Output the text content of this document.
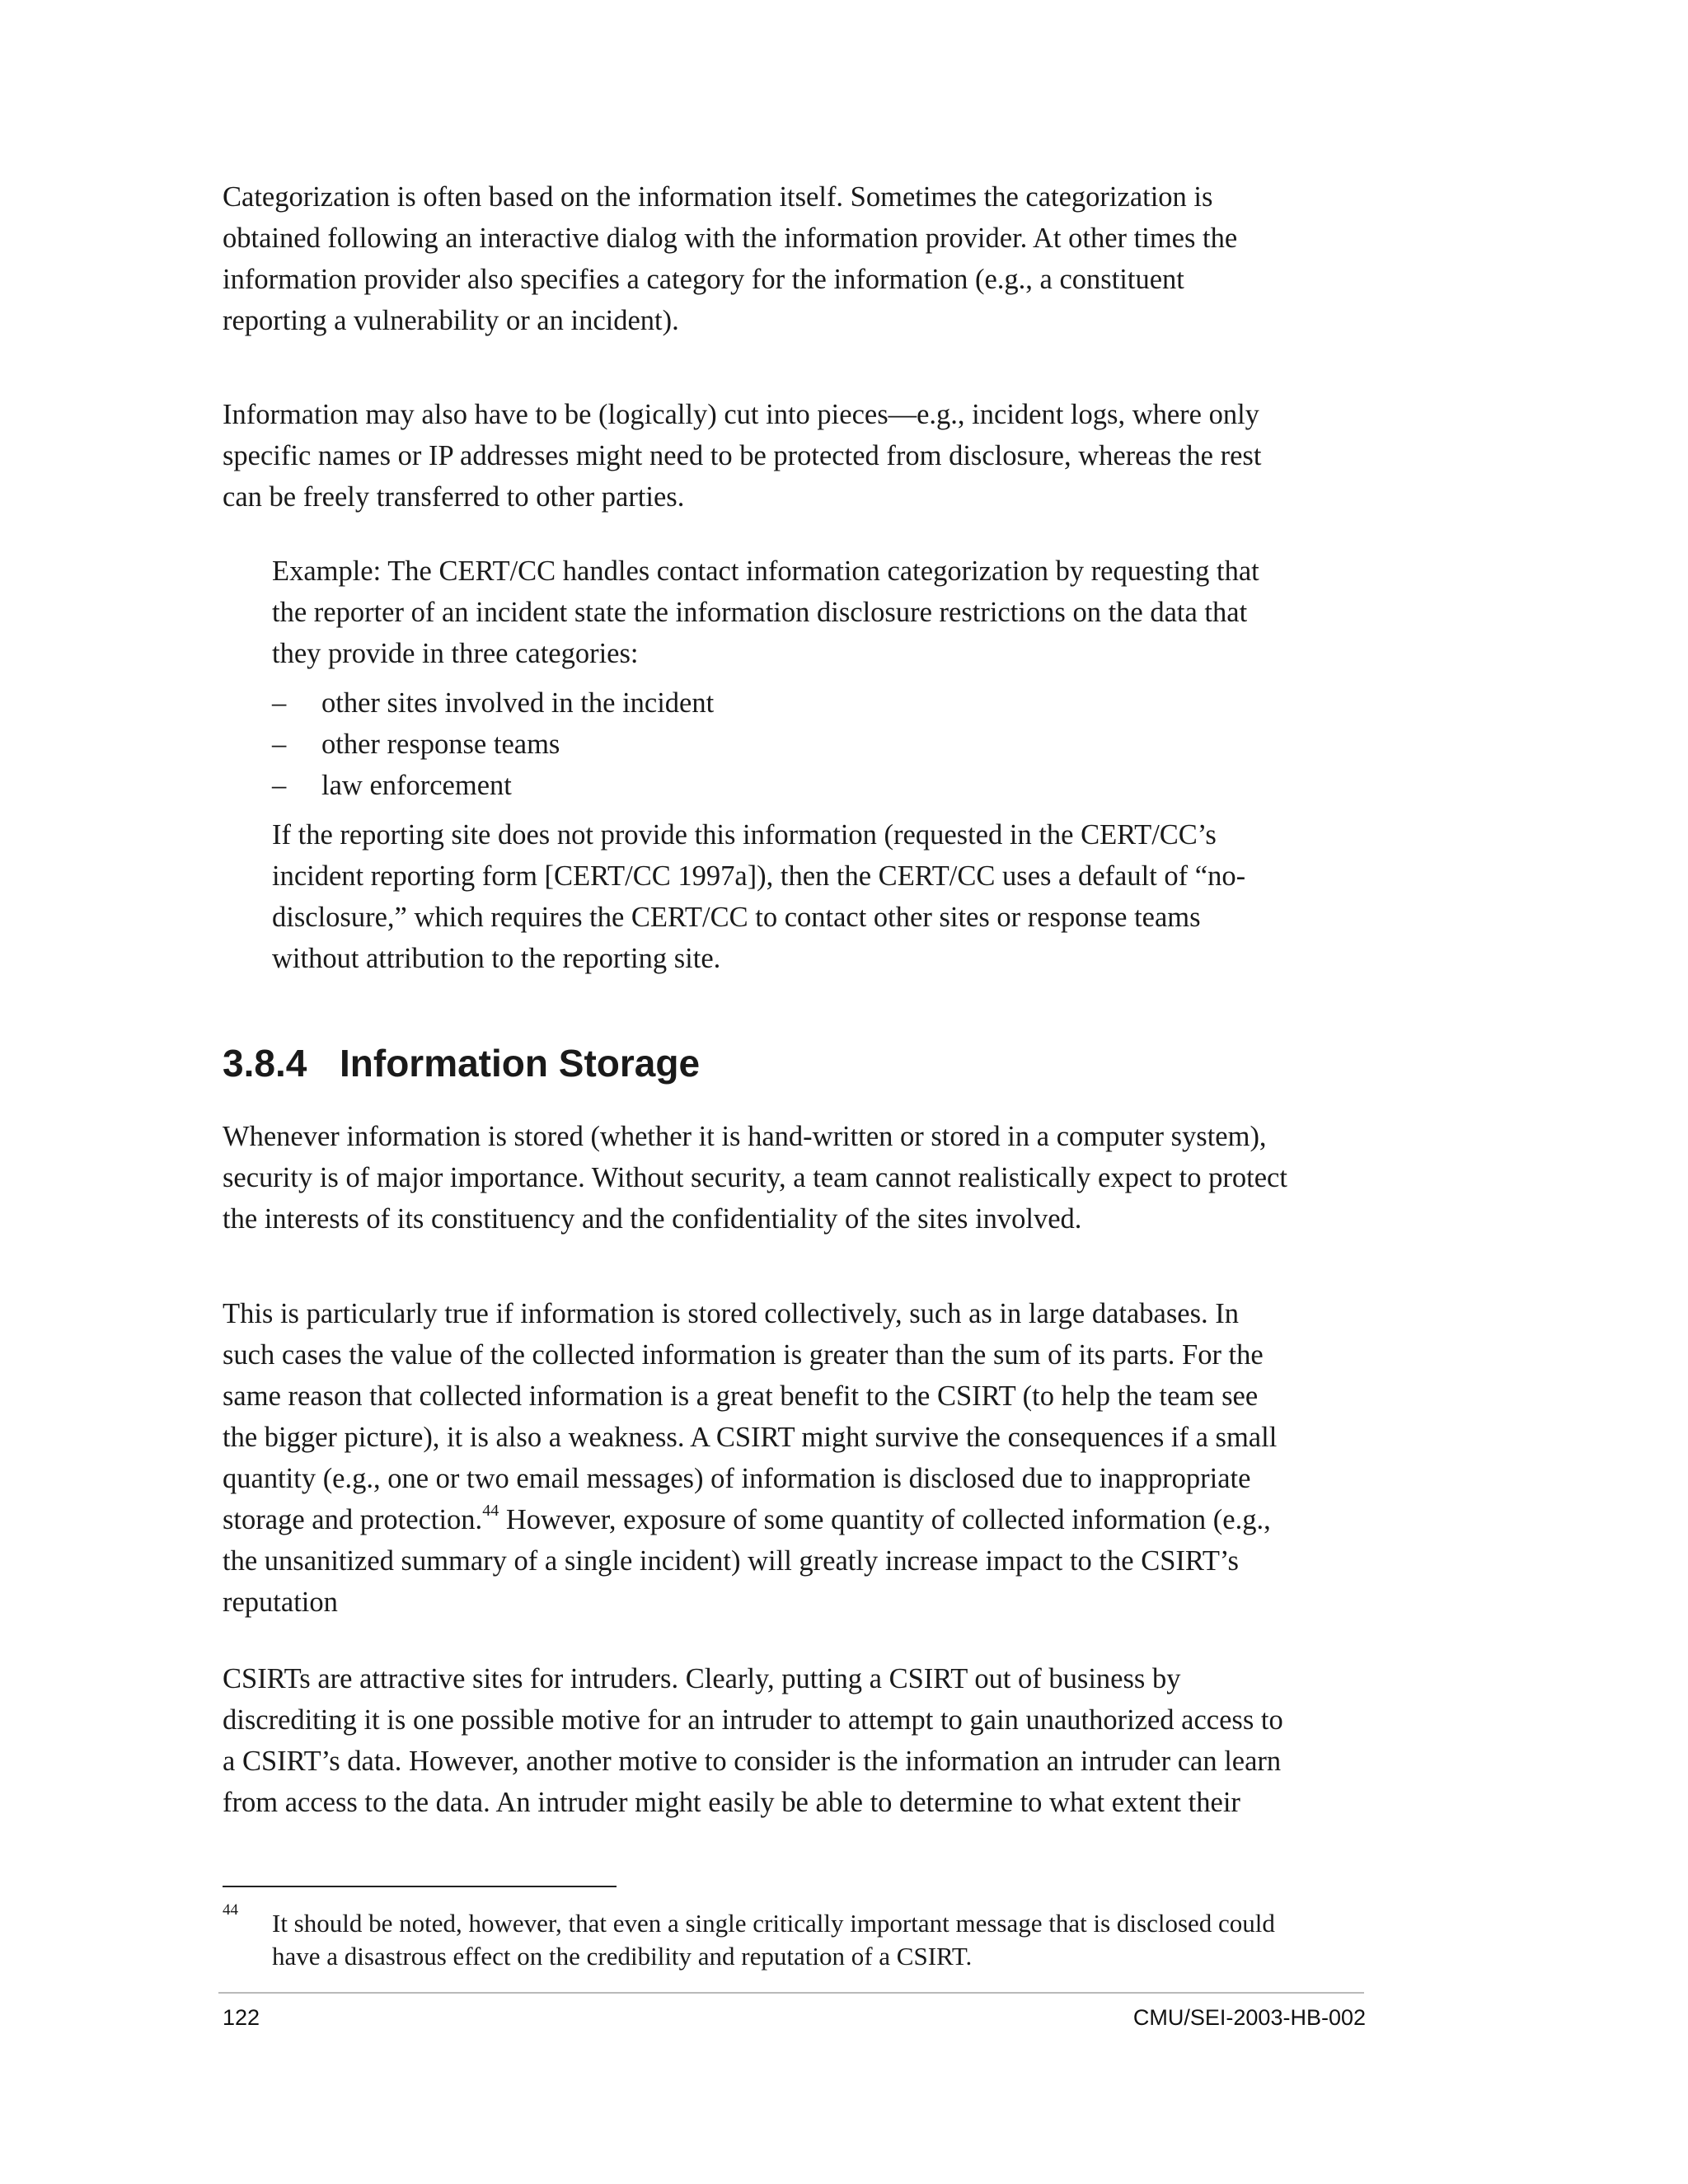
Categorization is often based on the information itself. Sometimes the categorization is
obtained following an interactive dialog with the information provider. At other times the
information provider also specifies a category for the information (e.g., a constituent
reporting a vulnerability or an incident).

Information may also have to be (logically) cut into pieces—e.g., incident logs, where only
specific names or IP addresses might need to be protected from disclosure, whereas the rest
can be freely transferred to other parties.

Example: The CERT/CC handles contact information categorization by requesting that
the reporter of an incident state the information disclosure restrictions on the data that
they provide in three categories:

– other sites involved in the incident
– other response teams
– law enforcement

If the reporting site does not provide this information (requested in the CERT/CC’s
incident reporting form [CERT/CC 1997a]), then the CERT/CC uses a default of “no-
disclosure,” which requires the CERT/CC to contact other sites or response teams
without attribution to the reporting site.

3.8.4 Information Storage

Whenever information is stored (whether it is hand-written or stored in a computer system),
security is of major importance. Without security, a team cannot realistically expect to protect
the interests of its constituency and the confidentiality of the sites involved.

This is particularly true if information is stored collectively, such as in large databases. In
such cases the value of the collected information is greater than the sum of its parts. For the
same reason that collected information is a great benefit to the CSIRT (to help the team see
the bigger picture), it is also a weakness. A CSIRT might survive the consequences if a small
quantity (e.g., one or two email messages) of information is disclosed due to inappropriate
storage and protection.$^{44}$ However, exposure of some quantity of collected information (e.g.,
the unsanitized summary of a single incident) will greatly increase impact to the CSIRT’s
reputation

CSIRTs are attractive sites for intruders. Clearly, putting a CSIRT out of business by
discrediting it is one possible motive for an intruder to attempt to gain unauthorized access to
a CSIRT’s data. However, another motive to consider is the information an intruder can learn
from access to the data. An intruder might easily be able to determine to what extent their

44 It should be noted, however, that even a single critically important message that is disclosed could
have a disastrous effect on the credibility and reputation of a CSIRT.
122	CMU/SEI-2003-HB-002
